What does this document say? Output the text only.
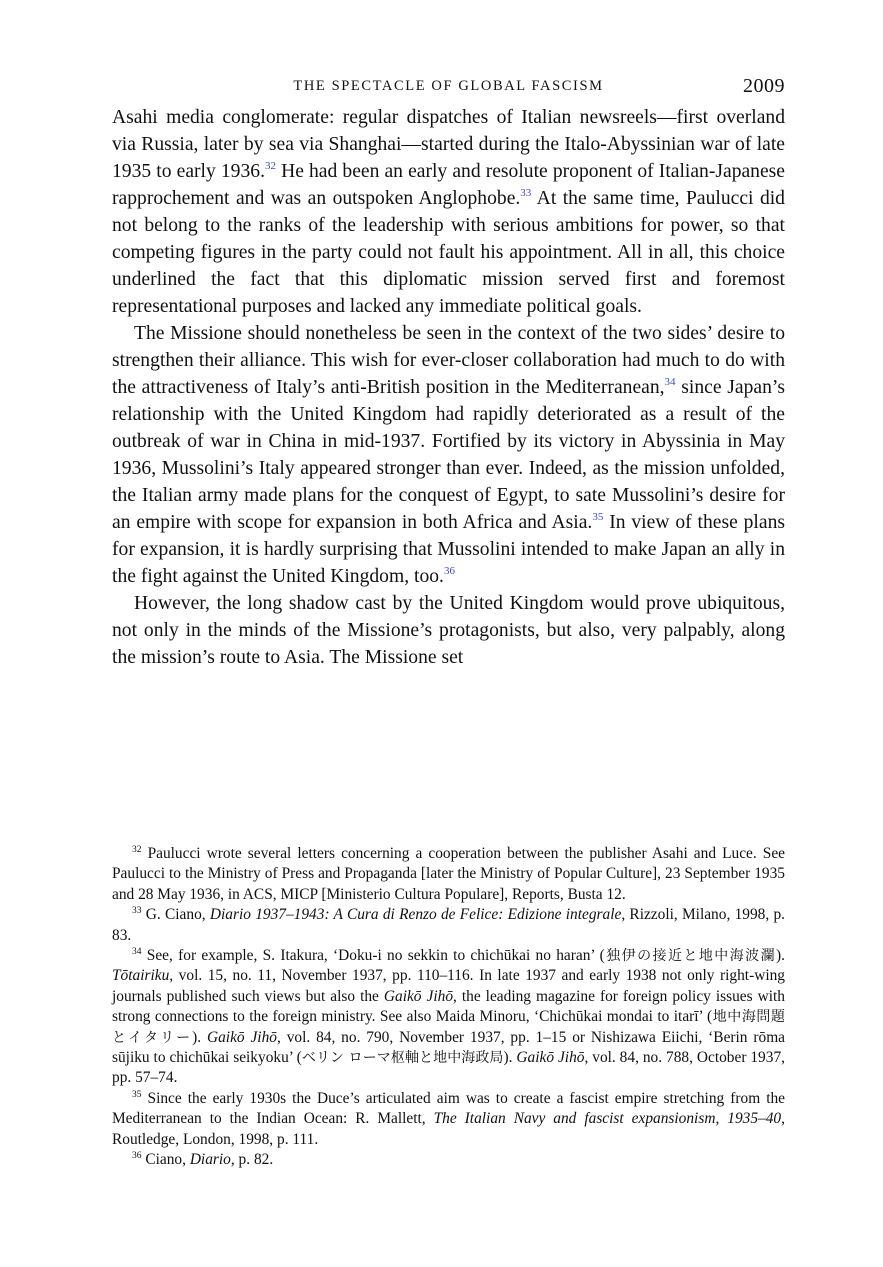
THE SPECTACLE OF GLOBAL FASCISM	2009

Asahi media conglomerate: regular dispatches of Italian newsreels—first overland via Russia, later by sea via Shanghai—started during the Italo-Abyssinian war of late 1935 to early 1936.32 He had been an early and resolute proponent of Italian-Japanese rapprochement and was an outspoken Anglophobe.$^{33}$ At the same time, Paulucci did not belong to the ranks of the leadership with serious ambitions for power, so that competing figures in the party could not fault his appointment. All in all, this choice underlined the fact that this diplomatic mission served first and foremost representational purposes and lacked any immediate political goals.

The Missione should nonetheless be seen in the context of the two sides’ desire to strengthen their alliance. This wish for ever-closer collaboration had much to do with the attractiveness of Italy’s anti-British position in the Mediterranean,$^{34}$ since Japan’s relationship with the United Kingdom had rapidly deteriorated as a result of the outbreak of war in China in mid-1937. Fortified by its victory in Abyssinia in May 1936, Mussolini’s Italy appeared stronger than ever. Indeed, as the mission unfolded, the Italian army made plans for the conquest of Egypt, to sate Mussolini’s desire for an empire with scope for expansion in both Africa and Asia.$^{35}$ In view of these plans for expansion, it is hardly surprising that Mussolini intended to make Japan an ally in the fight against the United Kingdom, too.$^{36}$

However, the long shadow cast by the United Kingdom would prove ubiquitous, not only in the minds of the Missione’s protagonists, but also, very palpably, along the mission’s route to Asia. The Missione set

$^{32}$ Paulucci wrote several letters concerning a cooperation between the publisher Asahi and Luce. See Paulucci to the Ministry of Press and Propaganda [later the Ministry of Popular Culture], 23 September 1935 and 28 May 1936, in ACS, MICP [Ministerio Cultura Populare], Reports, Busta 12.

$^{33}$ G. Ciano, Diario 1937–1943: A Cura di Renzo de Felice: Edizione integrale, Rizzoli, Milano, 1998, p. 83.

$^{34}$ See, for example, S. Itakura, ‘Doku-i no sekkin to chichūkai no haran’ (独伊の接近と地中海波瀾). Tōtairiku, vol. 15, no. 11, November 1937, pp. 110–116. In late 1937 and early 1938 not only right-wing journals published such views but also the Gaikō Jihō, the leading magazine for foreign policy issues with strong connections to the foreign ministry. See also Maida Minoru, ‘Chichūkai mondai to itarī’ (地中海問題とイタリー). Gaikō Jihō, vol. 84, no. 790, November 1937, pp. 1–15 or Nishizawa Eiichi, ‘Berin rōma sūjiku to chichūkai seikyoku’ (ベリン ローマ枢軸と地中海政局). Gaikō Jihō, vol. 84, no. 788, October 1937, pp. 57–74.

$^{35}$ Since the early 1930s the Duce’s articulated aim was to create a fascist empire stretching from the Mediterranean to the Indian Ocean: R. Mallett, The Italian Navy and fascist expansionism, 1935–40, Routledge, London, 1998, p. 111.

$^{36}$ Ciano, Diario, p. 82.
